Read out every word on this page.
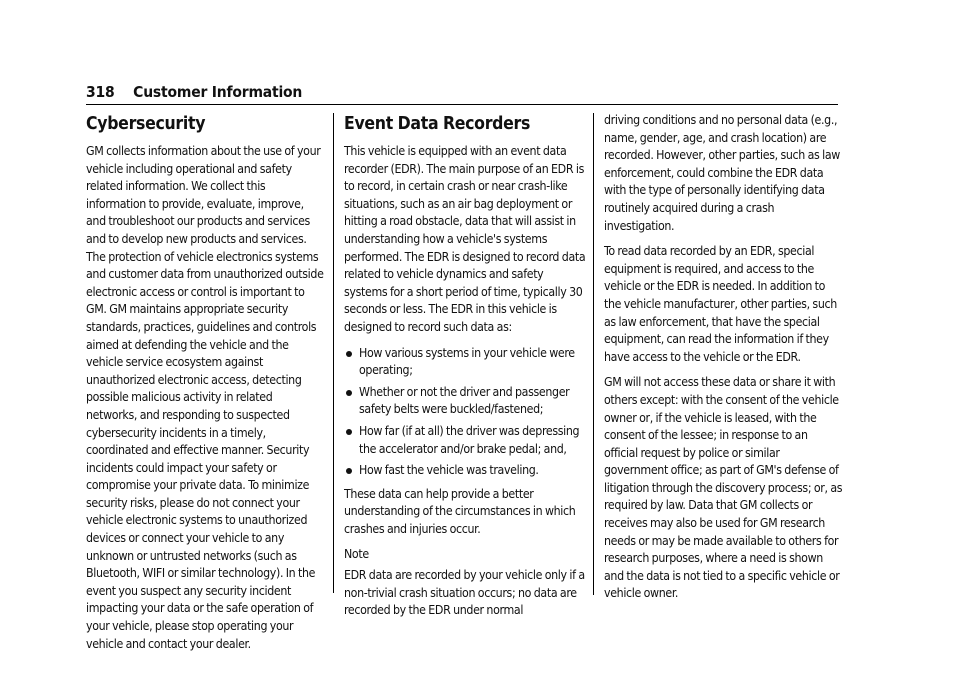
318 Customer Information
Cybersecurity

GM collects information about the use of your vehicle including operational and safety related information. We collect this information to provide, evaluate, improve, and troubleshoot our products and services and to develop new products and services. The protection of vehicle electronics systems and customer data from unauthorized outside electronic access or control is important to GM. GM maintains appropriate security standards, practices, guidelines and controls aimed at defending the vehicle and the vehicle service ecosystem against unauthorized electronic access, detecting possible malicious activity in related networks, and responding to suspected cybersecurity incidents in a timely, coordinated and effective manner. Security incidents could impact your safety or compromise your private data. To minimize security risks, please do not connect your vehicle electronic systems to unauthorized devices or connect your vehicle to any unknown or untrusted networks (such as Bluetooth, WIFI or similar technology). In the event you suspect any security incident impacting your data or the safe operation of your vehicle, please stop operating your vehicle and contact your dealer.

Event Data Recorders

This vehicle is equipped with an event data recorder (EDR). The main purpose of an EDR is to record, in certain crash or near crash-like situations, such as an air bag deployment or hitting a road obstacle, data that will assist in understanding how a vehicle's systems performed. The EDR is designed to record data related to vehicle dynamics and safety systems for a short period of time, typically 30 seconds or less. The EDR in this vehicle is designed to record such data as:

How various systems in your vehicle were operating;
Whether or not the driver and passenger safety belts were buckled/fastened;
How far (if at all) the driver was depressing the accelerator and/or brake pedal; and,
How fast the vehicle was traveling.

These data can help provide a better understanding of the circumstances in which crashes and injuries occur.

Note

EDR data are recorded by your vehicle only if a non-trivial crash situation occurs; no data are recorded by the EDR under normal

driving conditions and no personal data (e.g., name, gender, age, and crash location) are recorded. However, other parties, such as law enforcement, could combine the EDR data with the type of personally identifying data routinely acquired during a crash investigation.

To read data recorded by an EDR, special equipment is required, and access to the vehicle or the EDR is needed. In addition to the vehicle manufacturer, other parties, such as law enforcement, that have the special equipment, can read the information if they have access to the vehicle or the EDR.

GM will not access these data or share it with others except: with the consent of the vehicle owner or, if the vehicle is leased, with the consent of the lessee; in response to an official request by police or similar government office; as part of GM's defense of litigation through the discovery process; or, as required by law. Data that GM collects or receives may also be used for GM research needs or may be made available to others for research purposes, where a need is shown and the data is not tied to a specific vehicle or vehicle owner.
